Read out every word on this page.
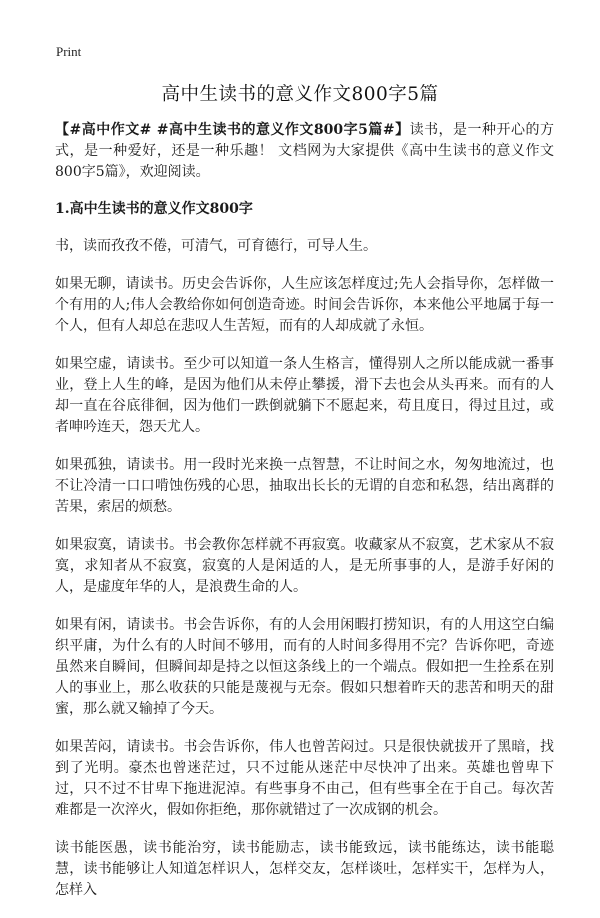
Print
高中生读书的意义作文800字5篇

【#高中作文# #高中生读书的意义作文800字5篇#】读书，是一种开心的方式，是一种爱好，还是一种乐趣！ 文档网为大家提供《高中生读书的意义作文800字5篇》，欢迎阅读。

1.高中生读书的意义作文800字

书，读而孜孜不倦，可清气，可育德行，可导人生。

如果无聊，请读书。历史会告诉你，人生应该怎样度过;先人会指导你，怎样做一个有用的人;伟人会教给你如何创造奇迹。时间会告诉你，本来他公平地属于每一个人，但有人却总在悲叹人生苦短，而有的人却成就了永恒。

如果空虚，请读书。至少可以知道一条人生格言，懂得别人之所以能成就一番事业，登上人生的峰，是因为他们从未停止攀援，滑下去也会从头再来。而有的人却一直在谷底徘徊，因为他们一跌倒就躺下不愿起来，苟且度日，得过且过，或者呻吟连天，怨天尤人。

如果孤独，请读书。用一段时光来换一点智慧，不让时间之水，匆匆地流过，也不让冷清一口口啃蚀伤残的心思，抽取出长长的无谓的自恋和私怨，结出离群的苦果，索居的烦愁。

如果寂寞，请读书。书会教你怎样就不再寂寞。收藏家从不寂寞，艺术家从不寂寞，求知者从不寂寞，寂寞的人是闲适的人，是无所事事的人，是游手好闲的人，是虚度年华的人，是浪费生命的人。

如果有闲，请读书。书会告诉你，有的人会用闲暇打捞知识，有的人用这空白编织平庸，为什么有的人时间不够用，而有的人时间多得用不完？告诉你吧，奇迹虽然来自瞬间，但瞬间却是持之以恒这条线上的一个端点。假如把一生拴系在别人的事业上，那么收获的只能是蔑视与无奈。假如只想着昨天的悲苦和明天的甜蜜，那么就又输掉了今天。

如果苦闷，请读书。书会告诉你，伟人也曾苦闷过。只是很快就拔开了黑暗，找到了光明。豪杰也曾迷茫过，只不过能从迷茫中尽快冲了出来。英雄也曾卑下过，只不过不甘卑下拖进泥淖。有些事身不由己，但有些事全在于自己。每次苦难都是一次淬火，假如你拒绝，那你就错过了一次成钢的机会。

读书能医愚，读书能治穷，读书能励志，读书能致远，读书能练达，读书能聪慧，读书能够让人知道怎样识人，怎样交友，怎样谈吐，怎样实干，怎样为人，怎样入
